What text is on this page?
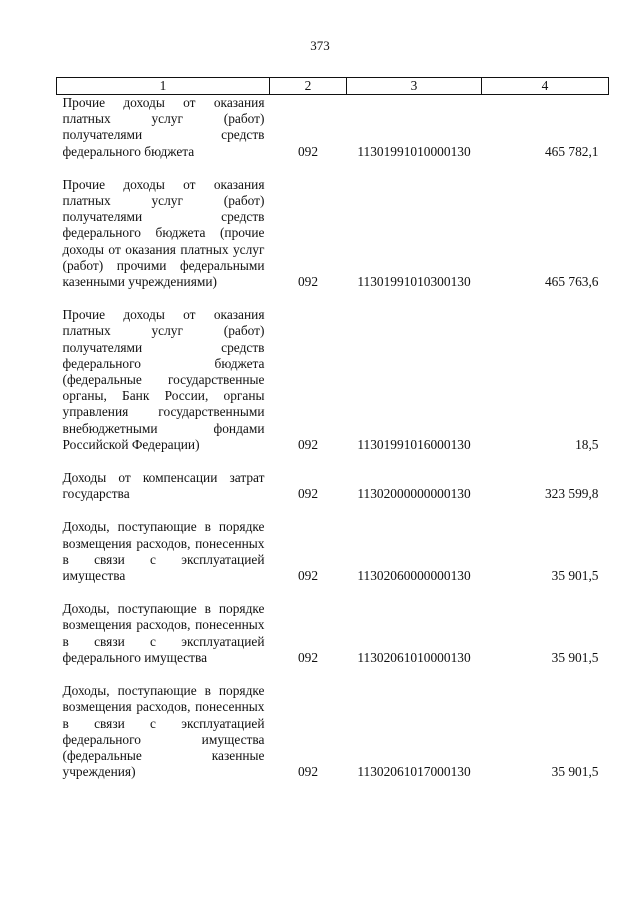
373
1	2	3	4
Прочие доходы от оказания платных услуг (работ) получателями средств федерального бюджета	092	11301991010000130	465 782,1
Прочие доходы от оказания платных услуг (работ) получателями средств федерального бюджета (прочие доходы от оказания платных услуг (работ) прочими федеральными казенными учреждениями)	092	11301991010300130	465 763,6
Прочие доходы от оказания платных услуг (работ) получателями средств федерального бюджета (федеральные государственные органы, Банк России, органы управления государственными внебюджетными фондами Российской Федерации)	092	11301991016000130	18,5
Доходы от компенсации затрат государства	092	11302000000000130	323 599,8
Доходы, поступающие в порядке возмещения расходов, понесенных в связи с эксплуатацией имущества	092	11302060000000130	35 901,5
Доходы, поступающие в порядке возмещения расходов, понесенных в связи с эксплуатацией федерального имущества	092	11302061010000130	35 901,5
Доходы, поступающие в порядке возмещения расходов, понесенных в связи с эксплуатацией федерального имущества (федеральные казенные учреждения)	092	11302061017000130	35 901,5
